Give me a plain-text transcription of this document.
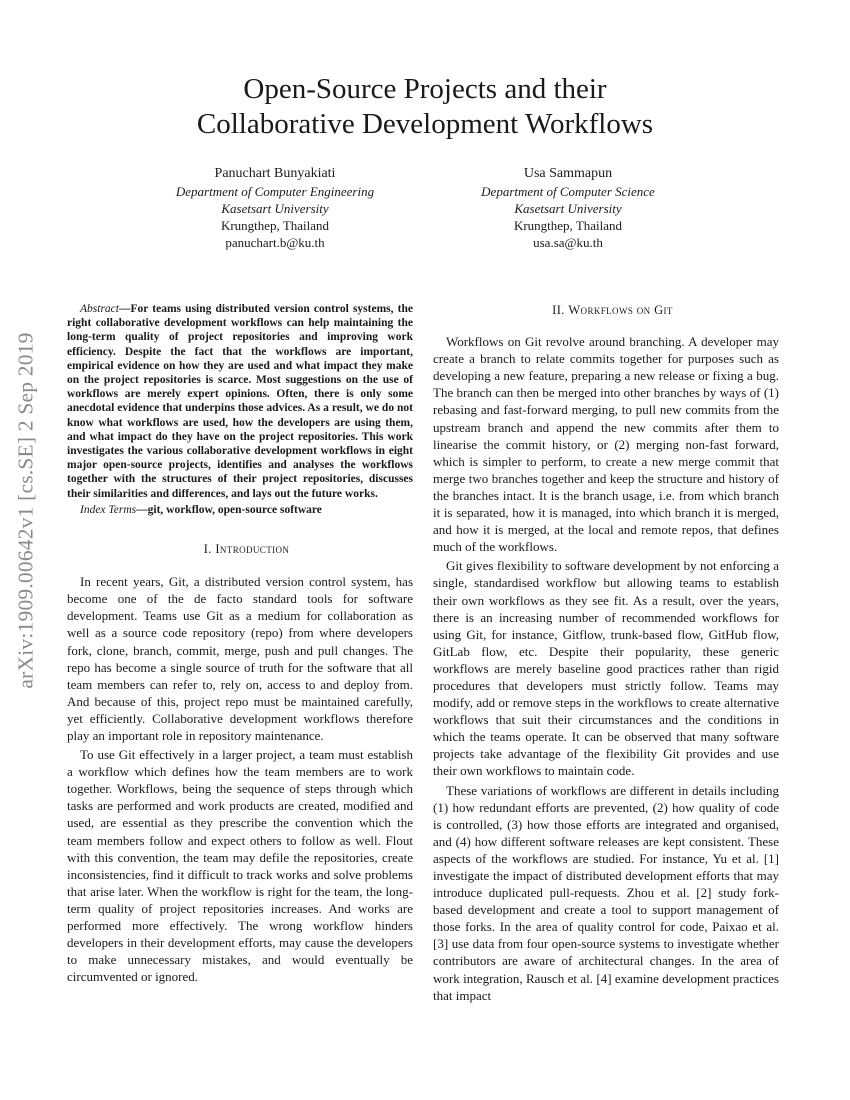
arXiv:1909.00642v1 [cs.SE] 2 Sep 2019
Open-Source Projects and their
Collaborative Development Workflows
Panuchart Bunyakiati
Department of Computer Engineering
Kasetsart University
Krungthep, Thailand
panuchart.b@ku.th
Usa Sammapun
Department of Computer Science
Kasetsart University
Krungthep, Thailand
usa.sa@ku.th

Abstract—For teams using distributed version control systems, the right collaborative development workflows can help maintaining the long-term quality of project repositories and improving work efficiency. Despite the fact that the workflows are important, empirical evidence on how they are used and what impact they make on the project repositories is scarce. Most suggestions on the use of workflows are merely expert opinions. Often, there is only some anecdotal evidence that underpins those advices. As a result, we do not know what workflows are used, how the developers are using them, and what impact do they have on the project repositories. This work investigates the various collaborative development workflows in eight major open-source projects, identifies and analyses the workflows together with the structures of their project repositories, discusses their similarities and differences, and lays out the future works.

Index Terms—git, workflow, open-source software

I. Introduction

In recent years, Git, a distributed version control system, has become one of the de facto standard tools for software development. Teams use Git as a medium for collaboration as well as a source code repository (repo) from where developers fork, clone, branch, commit, merge, push and pull changes. The repo has become a single source of truth for the software that all team members can refer to, rely on, access to and deploy from. And because of this, project repo must be maintained carefully, yet efficiently. Collaborative development workflows therefore play an important role in repository maintenance.

To use Git effectively in a larger project, a team must establish a workflow which defines how the team members are to work together. Workflows, being the sequence of steps through which tasks are performed and work products are created, modified and used, are essential as they prescribe the convention which the team members follow and expect others to follow as well. Flout with this convention, the team may defile the repositories, create inconsistencies, find it difficult to track works and solve problems that arise later. When the workflow is right for the team, the long-term quality of project repositories increases. And works are performed more effectively. The wrong workflow hinders developers in their development efforts, may cause the developers to make unnecessary mistakes, and would eventually be circumvented or ignored.

II. Workflows on Git

Workflows on Git revolve around branching. A developer may create a branch to relate commits together for purposes such as developing a new feature, preparing a new release or fixing a bug. The branch can then be merged into other branches by ways of (1) rebasing and fast-forward merging, to pull new commits from the upstream branch and append the new commits after them to linearise the commit history, or (2) merging non-fast forward, which is simpler to perform, to create a new merge commit that merge two branches together and keep the structure and history of the branches intact. It is the branch usage, i.e. from which branch it is separated, how it is managed, into which branch it is merged, and how it is merged, at the local and remote repos, that defines much of the workflows.

Git gives flexibility to software development by not enforcing a single, standardised workflow but allowing teams to establish their own workflows as they see fit. As a result, over the years, there is an increasing number of recommended workflows for using Git, for instance, Gitflow, trunk-based flow, GitHub flow, GitLab flow, etc. Despite their popularity, these generic workflows are merely baseline good practices rather than rigid procedures that developers must strictly follow. Teams may modify, add or remove steps in the workflows to create alternative workflows that suit their circumstances and the conditions in which the teams operate. It can be observed that many software projects take advantage of the flexibility Git provides and use their own workflows to maintain code.

These variations of workflows are different in details including (1) how redundant efforts are prevented, (2) how quality of code is controlled, (3) how those efforts are integrated and organised, and (4) how different software releases are kept consistent. These aspects of the workflows are studied. For instance, Yu et al. [1] investigate the impact of distributed development efforts that may introduce duplicated pull-requests. Zhou et al. [2] study fork-based development and create a tool to support management of those forks. In the area of quality control for code, Paixao et al. [3] use data from four open-source systems to investigate whether contributors are aware of architectural changes. In the area of work integration, Rausch et al. [4] examine development practices that impact
